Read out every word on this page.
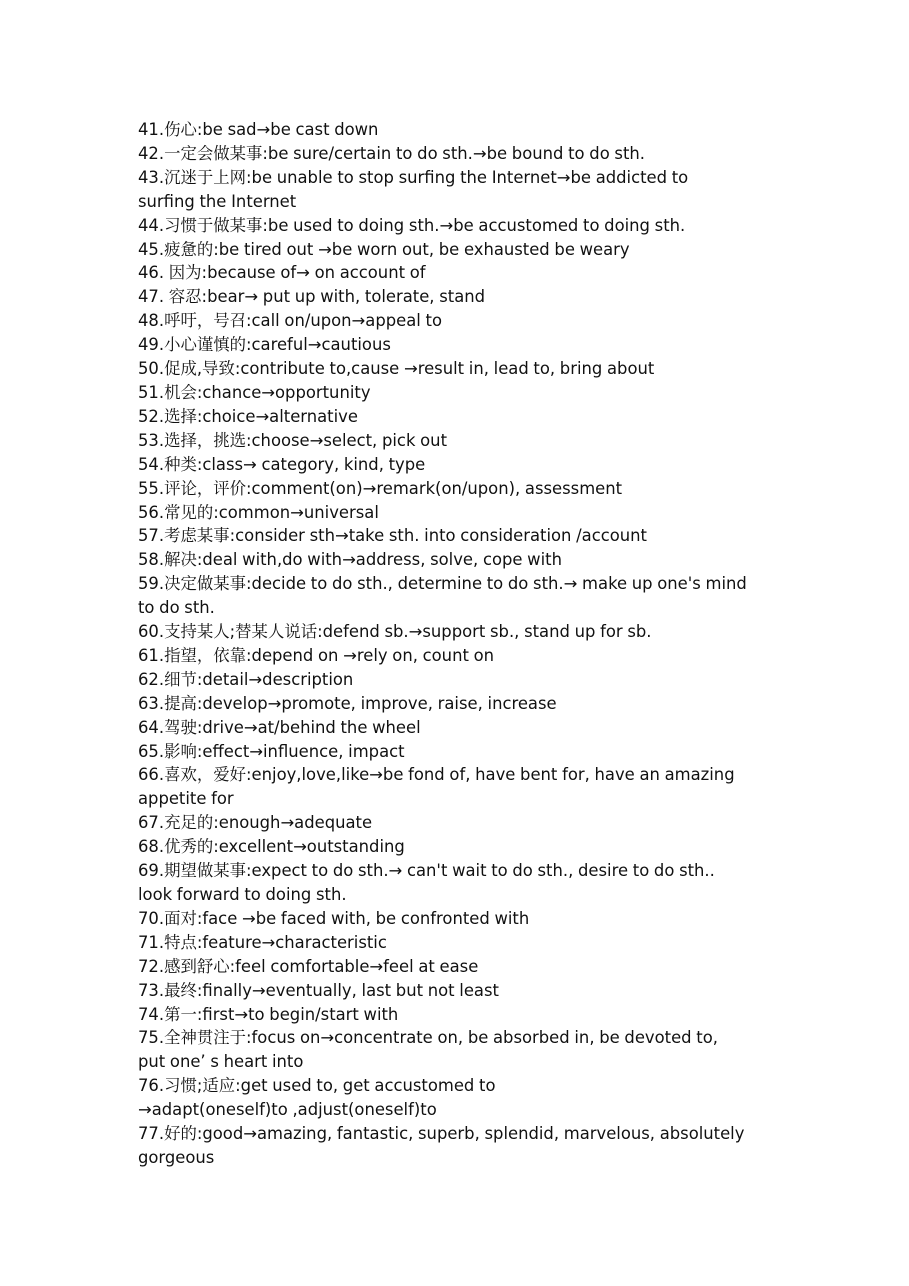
41.伤心:be sad→be cast down
42.一定会做某事:be sure/certain to do sth.→be bound to do sth.
43.沉迷于上网:be unable to stop surfing the Internet→be addicted to
surfing the Internet
44.习惯于做某事:be used to doing sth.→be accustomed to doing sth.
45.疲惫的:be tired out →be worn out, be exhausted be weary
46. 因为:because of→ on account of
47. 容忍:bear→ put up with, tolerate, stand
48.呼吁，号召:call on/upon→appeal to
49.小心谨慎的:careful→cautious
50.促成,导致:contribute to,cause →result in, lead to, bring about
51.机会:chance→opportunity
52.选择:choice→alternative
53.选择，挑选:choose→select, pick out
54.种类:class→ category, kind, type
55.评论，评价:comment(on)→remark(on/upon), assessment
56.常见的:common→universal
57.考虑某事:consider sth→take sth. into consideration /account
58.解决:deal with,do with→address, solve, cope with
59.决定做某事:decide to do sth., determine to do sth.→ make up one's mind
to do sth.
60.支持某人;替某人说话:defend sb.→support sb., stand up for sb.
61.指望，依靠:depend on →rely on, count on
62.细节:detail→description
63.提高:develop→promote, improve, raise, increase
64.驾驶:drive→at/behind the wheel
65.影响:effect→influence, impact
66.喜欢，爱好:enjoy,love,like→be fond of, have bent for, have an amazing
appetite for
67.充足的:enough→adequate
68.优秀的:excellent→outstanding
69.期望做某事:expect to do sth.→ can't wait to do sth., desire to do sth..
look forward to doing sth.
70.面对:face →be faced with, be confronted with
71.特点:feature→characteristic
72.感到舒心:feel comfortable→feel at ease
73.最终:finally→eventually, last but not least
74.第一:first→to begin/start with
75.全神贯注于:focus on→concentrate on, be absorbed in, be devoted to,
put one’ s heart into
76.习惯;适应:get used to, get accustomed to
→adapt(oneself)to ,adjust(oneself)to
77.好的:good→amazing, fantastic, superb, splendid, marvelous, absolutely
gorgeous
